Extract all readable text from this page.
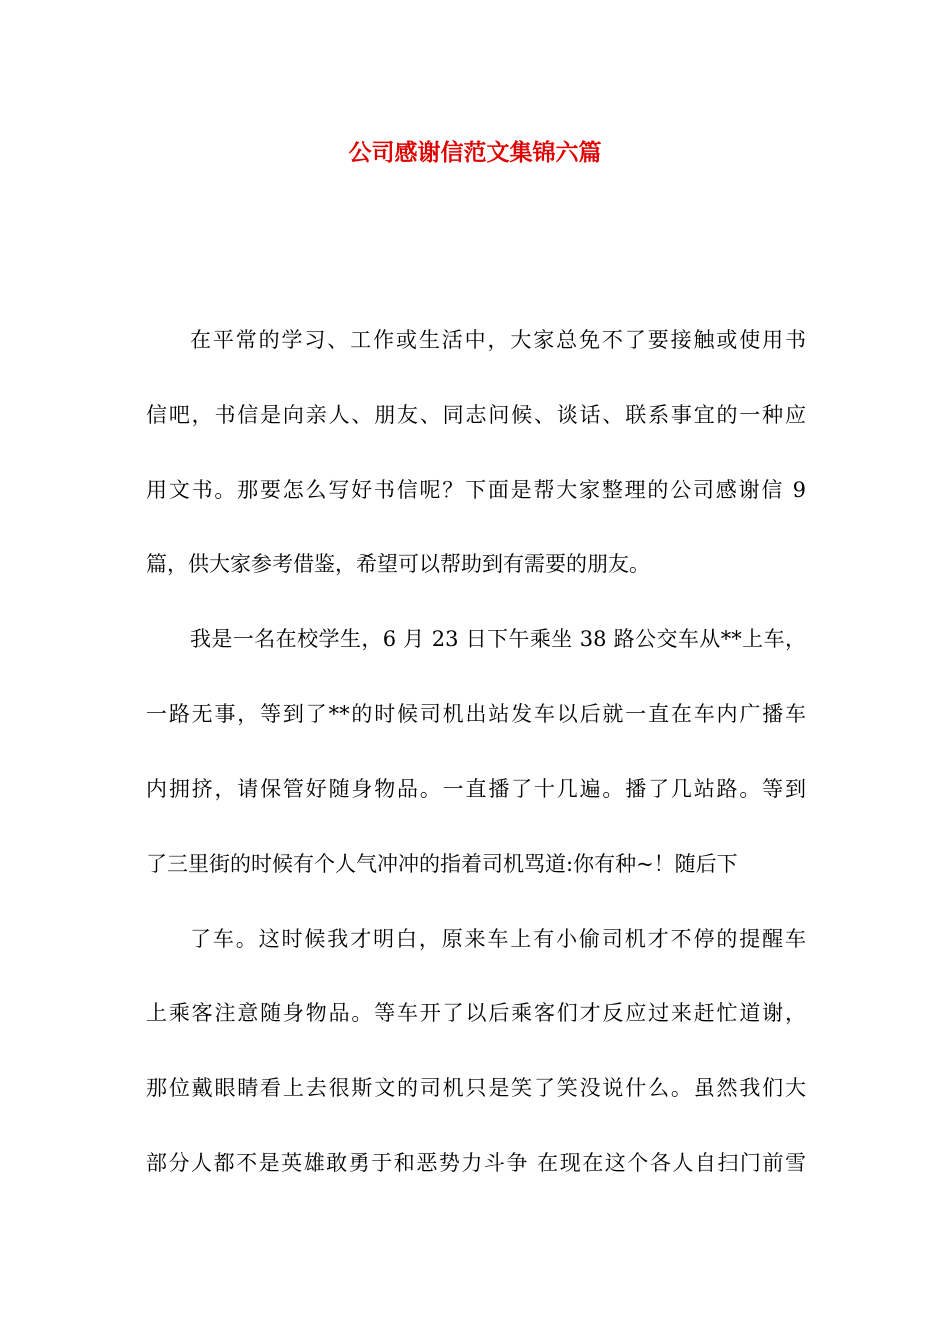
公司感谢信范文集锦六篇

在平常的学习、工作或生活中，大家总免不了要接触或使用书

信吧，书信是向亲人、朋友、同志问候、谈话、联系事宜的一种应

用文书。那要怎么写好书信呢？下面是帮大家整理的公司感谢信 9

篇，供大家参考借鉴，希望可以帮助到有需要的朋友。

我是一名在校学生，6 月 23 日下午乘坐 38 路公交车从**上车，

一路无事，等到了**的时候司机出站发车以后就一直在车内广播车

内拥挤，请保管好随身物品。一直播了十几遍。播了几站路。等到

了三里街的时候有个人气冲冲的指着司机骂道:你有种~！随后下

了车。这时候我才明白，原来车上有小偷司机才不停的提醒车

上乘客注意随身物品。等车开了以后乘客们才反应过来赶忙道谢，

那位戴眼睛看上去很斯文的司机只是笑了笑没说什么。虽然我们大

部分人都不是英雄敢勇于和恶势力斗争 在现在这个各人自扫门前雪
